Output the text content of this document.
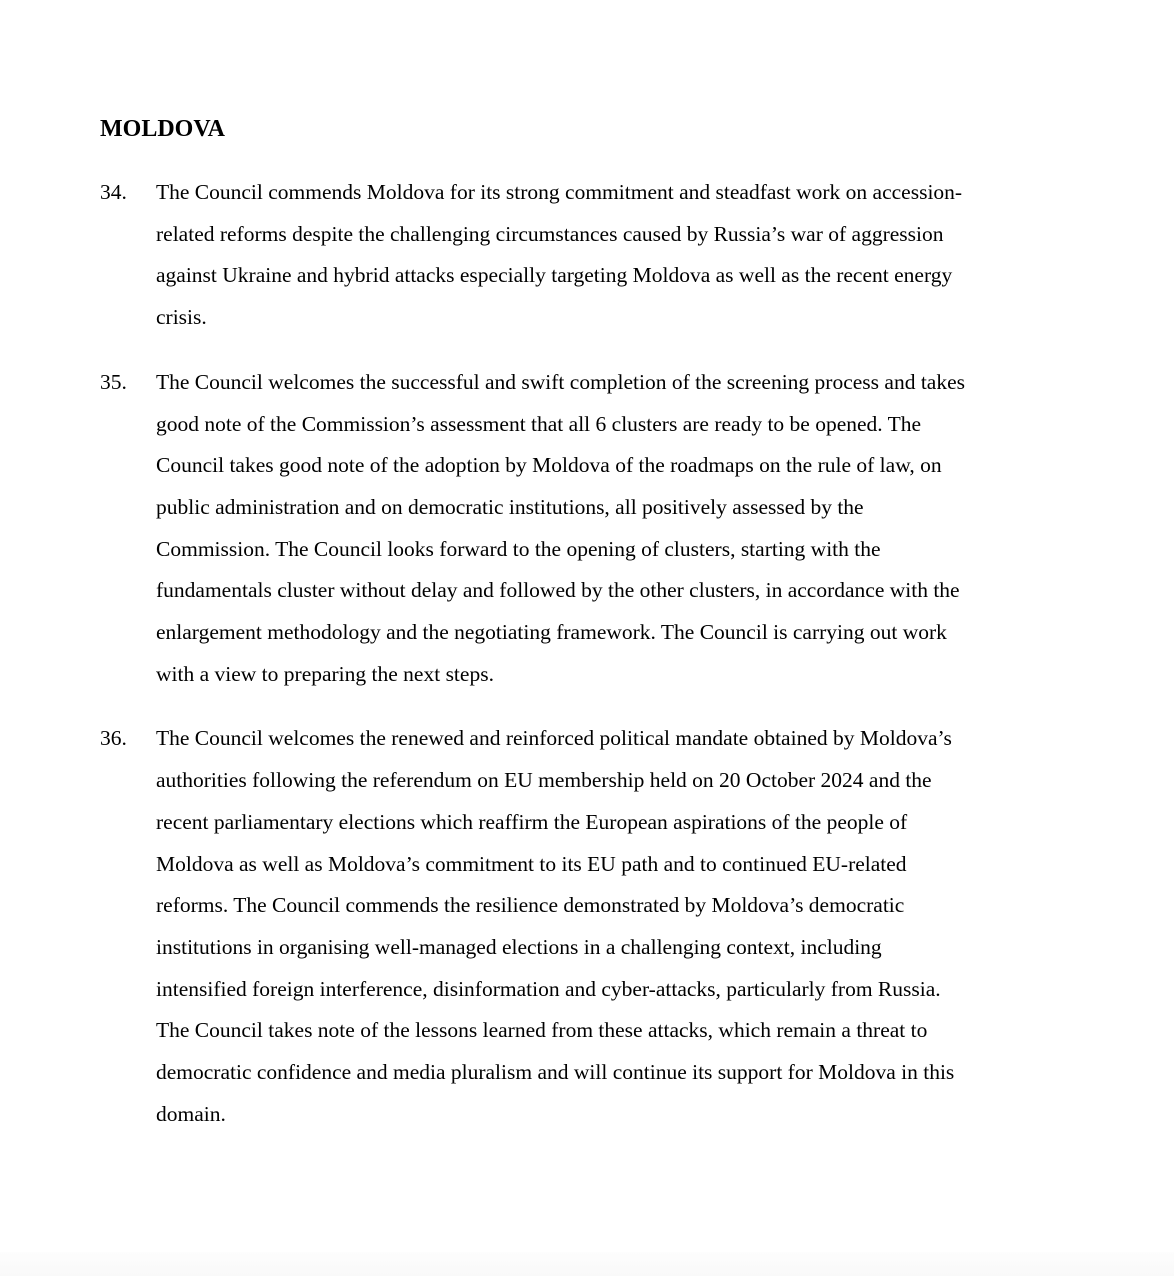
MOLDOVA
34.	The Council commends Moldova for its strong commitment and steadfast work on accession-
related reforms despite the challenging circumstances caused by Russia’s war of aggression
against Ukraine and hybrid attacks especially targeting Moldova as well as the recent energy
crisis.
35.	The Council welcomes the successful and swift completion of the screening process and takes
good note of the Commission’s assessment that all 6 clusters are ready to be opened. The
Council takes good note of the adoption by Moldova of the roadmaps on the rule of law, on
public administration and on democratic institutions, all positively assessed by the
Commission. The Council looks forward to the opening of clusters, starting with the
fundamentals cluster without delay and followed by the other clusters, in accordance with the
enlargement methodology and the negotiating framework. The Council is carrying out work
with a view to preparing the next steps.
36.	The Council welcomes the renewed and reinforced political mandate obtained by Moldova’s
authorities following the referendum on EU membership held on 20 October 2024 and the
recent parliamentary elections which reaffirm the European aspirations of the people of
Moldova as well as Moldova’s commitment to its EU path and to continued EU-related
reforms. The Council commends the resilience demonstrated by Moldova’s democratic
institutions in organising well-managed elections in a challenging context, including
intensified foreign interference, disinformation and cyber-attacks, particularly from Russia.
The Council takes note of the lessons learned from these attacks, which remain a threat to
democratic confidence and media pluralism and will continue its support for Moldova in this
domain.
